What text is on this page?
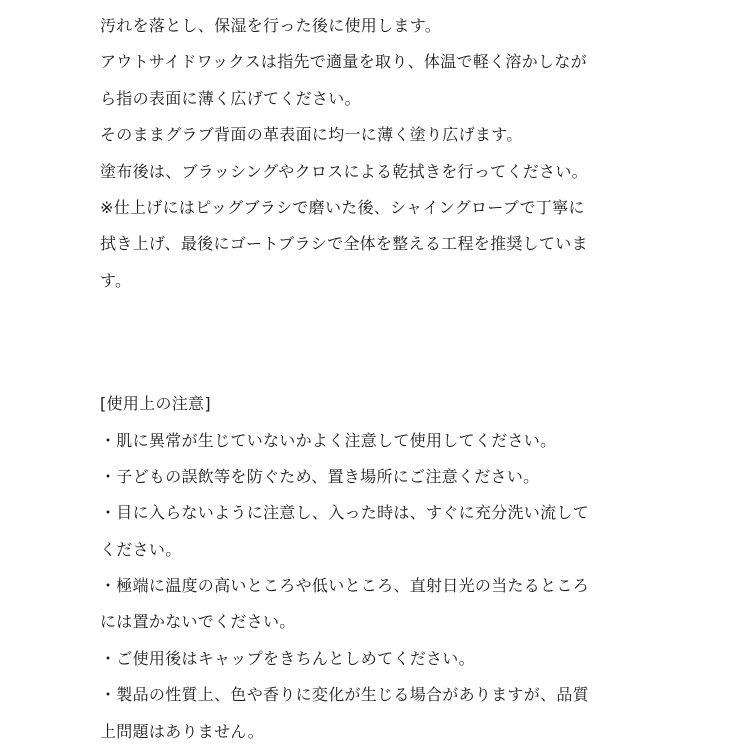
汚れを落とし、保湿を行った後に使用します。
アウトサイドワックスは指先で適量を取り、体温で軽く溶かしなが
ら指の表面に薄く広げてください。
そのままグラブ背面の革表面に均一に薄く塗り広げます。
塗布後は、ブラッシングやクロスによる乾拭きを行ってください。
※仕上げにはピッグブラシで磨いた後、シャイングローブで丁寧に
拭き上げ、最後にゴートブラシで全体を整える工程を推奨していま
す。
[使用上の注意]
・肌に異常が生じていないかよく注意して使用してください。
・子どもの誤飲等を防ぐため、置き場所にご注意ください。
・目に入らないように注意し、入った時は、すぐに充分洗い流して
ください。
・極端に温度の高いところや低いところ、直射日光の当たるところ
には置かないでください。
・ご使用後はキャップをきちんとしめてください。
・製品の性質上、色や香りに変化が生じる場合がありますが、品質
上問題はありません。
